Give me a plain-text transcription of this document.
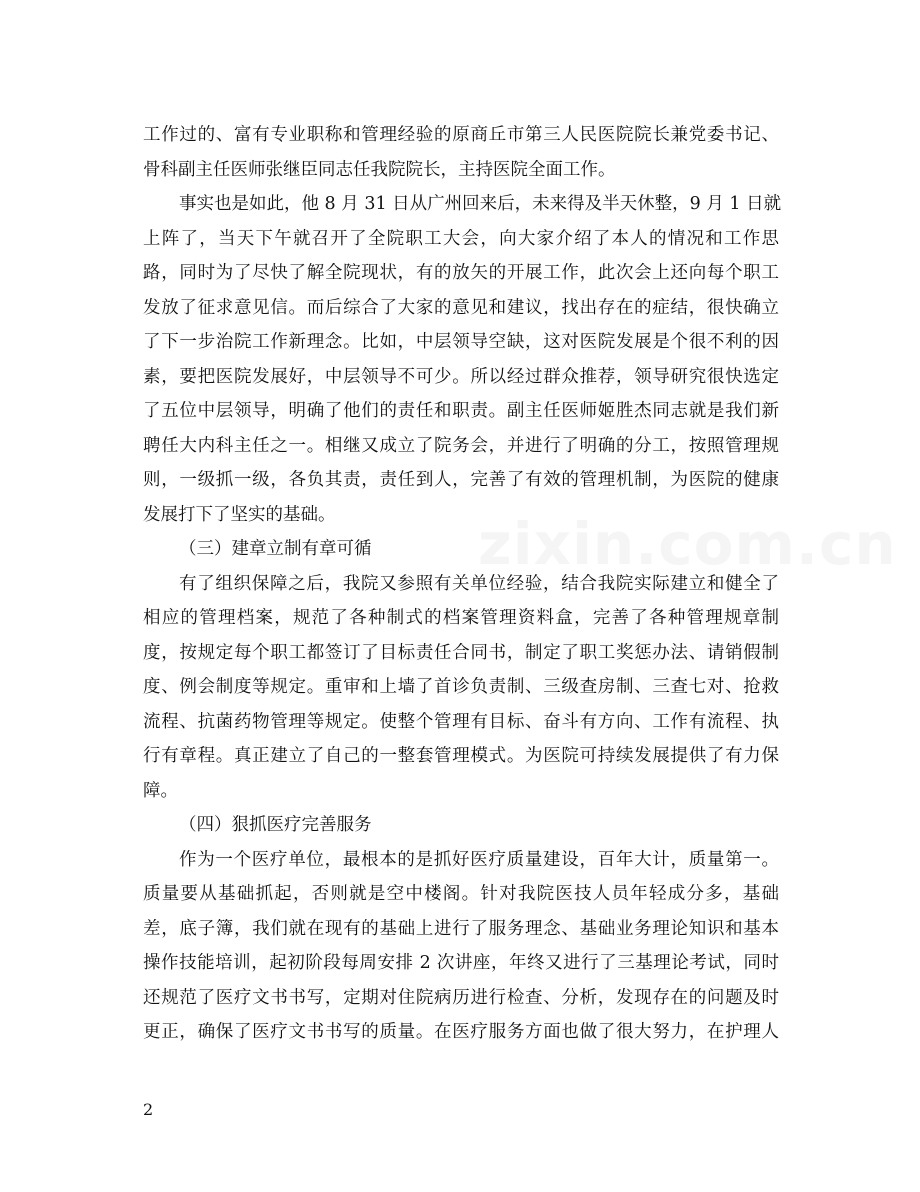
工作过的、富有专业职称和管理经验的原商丘市第三人民医院院长兼党委书记、
骨科副主任医师张继臣同志任我院院长，主持医院全面工作。
事实也是如此，他 8 月 31 日从广州回来后，未来得及半天休整，9 月 1 日就
上阵了，当天下午就召开了全院职工大会，向大家介绍了本人的情况和工作思
路，同时为了尽快了解全院现状，有的放矢的开展工作，此次会上还向每个职工
发放了征求意见信。而后综合了大家的意见和建议，找出存在的症结，很快确立
了下一步治院工作新理念。比如，中层领导空缺，这对医院发展是个很不利的因
素，要把医院发展好，中层领导不可少。所以经过群众推荐，领导研究很快选定
了五位中层领导，明确了他们的责任和职责。副主任医师姬胜杰同志就是我们新
聘任大内科主任之一。相继又成立了院务会，并进行了明确的分工，按照管理规
则，一级抓一级，各负其责，责任到人，完善了有效的管理机制，为医院的健康
发展打下了坚实的基础。
（三）建章立制有章可循
有了组织保障之后，我院又参照有关单位经验，结合我院实际建立和健全了
相应的管理档案，规范了各种制式的档案管理资料盒，完善了各种管理规章制
度，按规定每个职工都签订了目标责任合同书，制定了职工奖惩办法、请销假制
度、例会制度等规定。重审和上墙了首诊负责制、三级查房制、三查七对、抢救
流程、抗菌药物管理等规定。使整个管理有目标、奋斗有方向、工作有流程、执
行有章程。真正建立了自己的一整套管理模式。为医院可持续发展提供了有力保
障。
（四）狠抓医疗完善服务
作为一个医疗单位，最根本的是抓好医疗质量建设，百年大计，质量第一。
质量要从基础抓起，否则就是空中楼阁。针对我院医技人员年轻成分多，基础
差，底子簿，我们就在现有的基础上进行了服务理念、基础业务理论知识和基本
操作技能培训，起初阶段每周安排 2 次讲座，年终又进行了三基理论考试，同时
还规范了医疗文书书写，定期对住院病历进行检查、分析，发现存在的问题及时
更正，确保了医疗文书书写的质量。在医疗服务方面也做了很大努力，在护理人
zixin.com.cn
2
